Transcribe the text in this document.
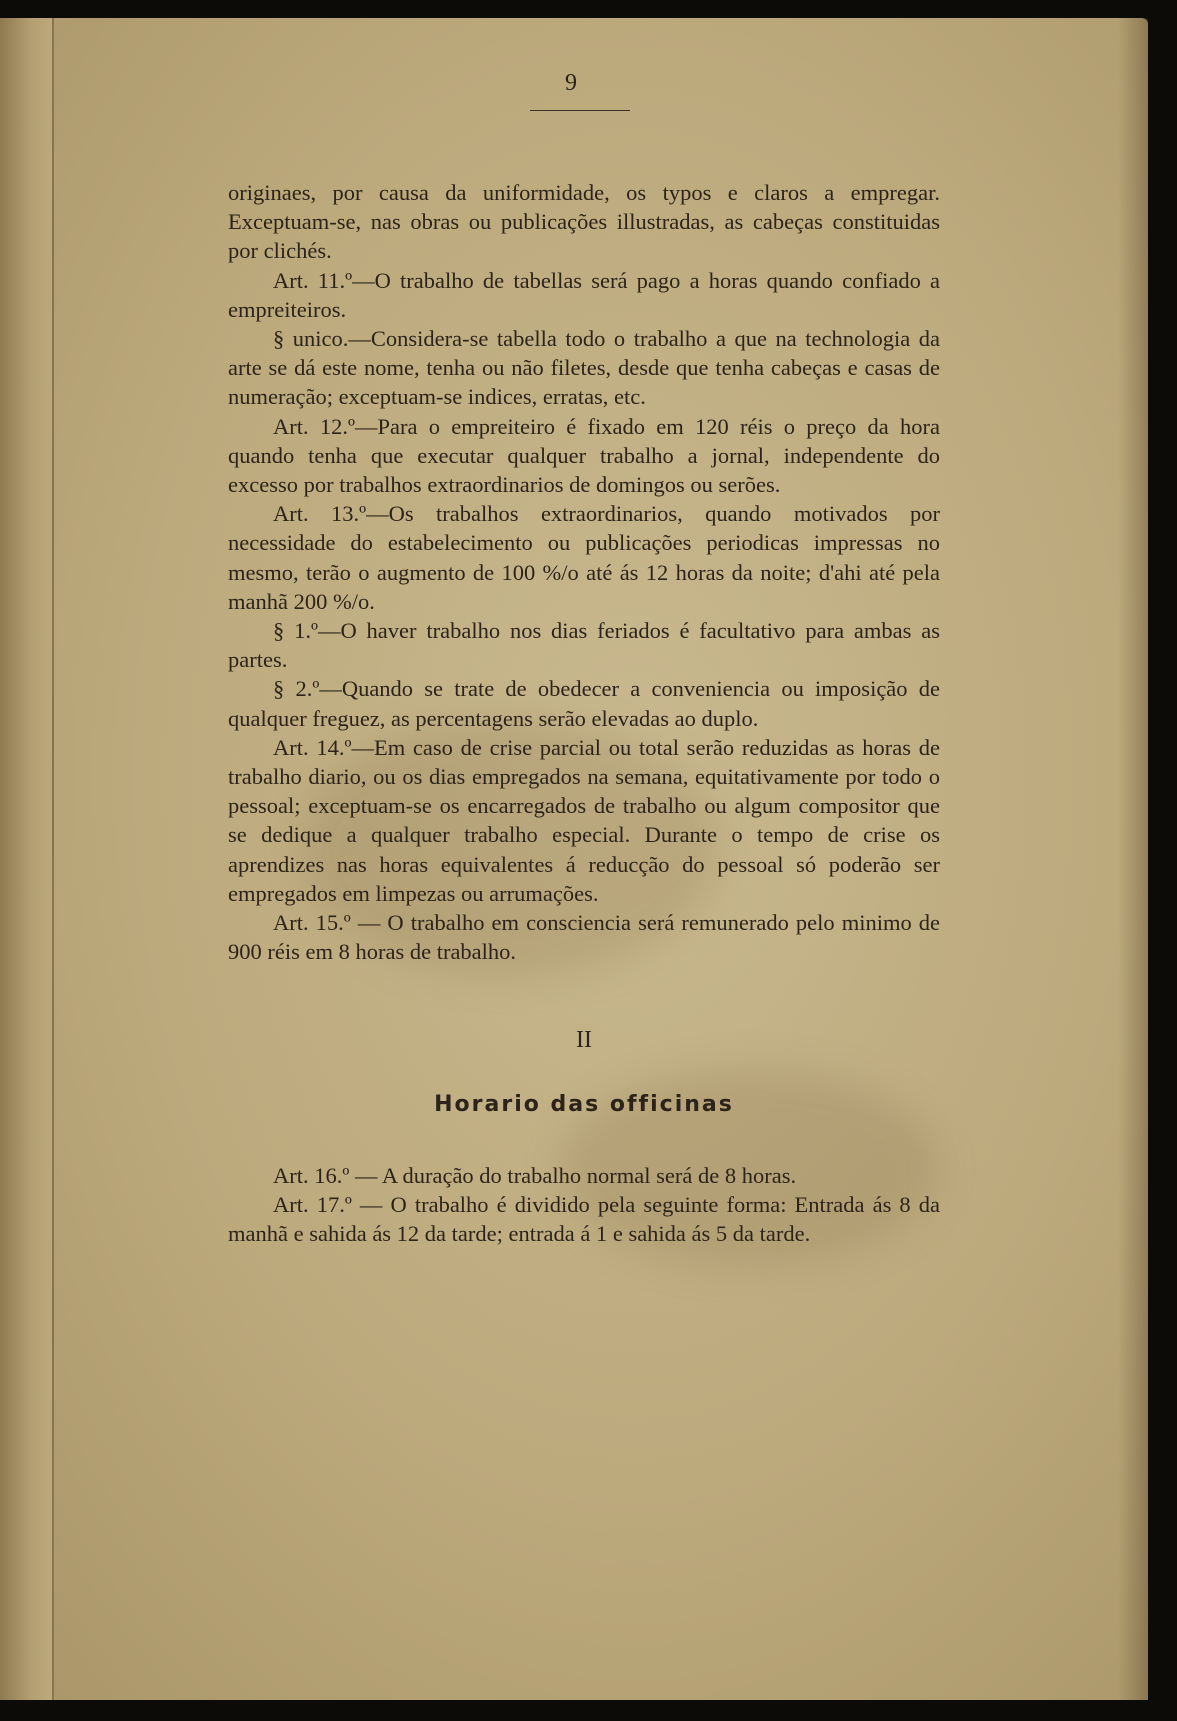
9

originaes, por causa da uniformidade, os typos e claros a empregar. Exceptuam-se, nas obras ou publicações illustradas, as cabeças constituidas por clichés.

Art. 11.º—O trabalho de tabellas será pago a horas quando confiado a empreiteiros.

§ unico.—Considera-se tabella todo o trabalho a que na technologia da arte se dá este nome, tenha ou não filetes, desde que tenha cabeças e casas de numeração; exceptuam-se indices, erratas, etc.

Art. 12.º—Para o empreiteiro é fixado em 120 réis o preço da hora quando tenha que executar qualquer trabalho a jornal, independente do excesso por trabalhos extraordinarios de domingos ou serões.

Art. 13.º—Os trabalhos extraordinarios, quando motivados por necessidade do estabelecimento ou publicações periodicas impressas no mesmo, terão o augmento de 100 %/o até ás 12 horas da noite; d'ahi até pela manhã 200 %/o.

§ 1.º—O haver trabalho nos dias feriados é facultativo para ambas as partes.

§ 2.º—Quando se trate de obedecer a conveniencia ou imposição de qualquer freguez, as percentagens serão elevadas ao duplo.

Art. 14.º—Em caso de crise parcial ou total serão reduzidas as horas de trabalho diario, ou os dias empregados na semana, equitativamente por todo o pessoal; exceptuam-se os encarregados de trabalho ou algum compositor que se dedique a qualquer trabalho especial. Durante o tempo de crise os aprendizes nas horas equivalentes á reducção do pessoal só poderão ser empregados em limpezas ou arrumações.

Art. 15.º — O trabalho em consciencia será remunerado pelo minimo de 900 réis em 8 horas de trabalho.

II

Horario das officinas

Art. 16.º — A duração do trabalho normal será de 8 horas.

Art. 17.º — O trabalho é dividido pela seguinte forma: Entrada ás 8 da manhã e sahida ás 12 da tarde; entrada á 1 e sahida ás 5 da tarde.
